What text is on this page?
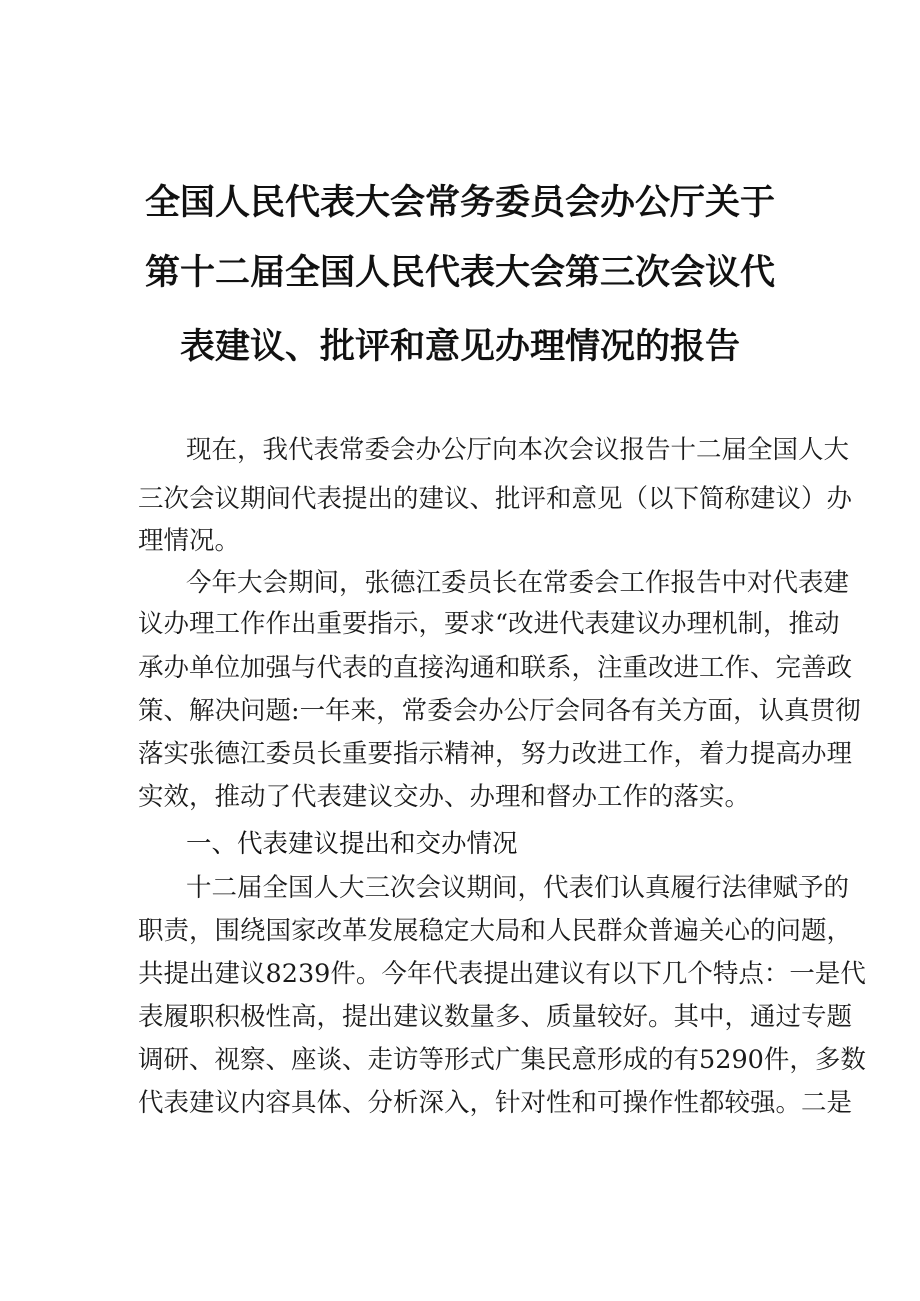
全国人民代表大会常务委员会办公厅关于
第十二届全国人民代表大会第三次会议代
表建议、批评和意见办理情况的报告
现在，我代表常委会办公厅向本次会议报告十二届全国人大
三次会议期间代表提出的建议、批评和意见（以下简称建议）办
理情况。
今年大会期间，张德江委员长在常委会工作报告中对代表建
议办理工作作出重要指示，要求“改进代表建议办理机制，推动
承办单位加强与代表的直接沟通和联系，注重改进工作、完善政
策、解决问题:一年来，常委会办公厅会同各有关方面，认真贯彻
落实张德江委员长重要指示精神，努力改进工作，着力提高办理
实效，推动了代表建议交办、办理和督办工作的落实。
一、代表建议提出和交办情况
十二届全国人大三次会议期间，代表们认真履行法律赋予的
职责，围绕国家改革发展稳定大局和人民群众普遍关心的问题，
共提出建议8239件。今年代表提出建议有以下几个特点：一是代
表履职积极性高，提出建议数量多、质量较好。其中，通过专题
调研、视察、座谈、走访等形式广集民意形成的有5290件，多数
代表建议内容具体、分析深入，针对性和可操作性都较强。二是
